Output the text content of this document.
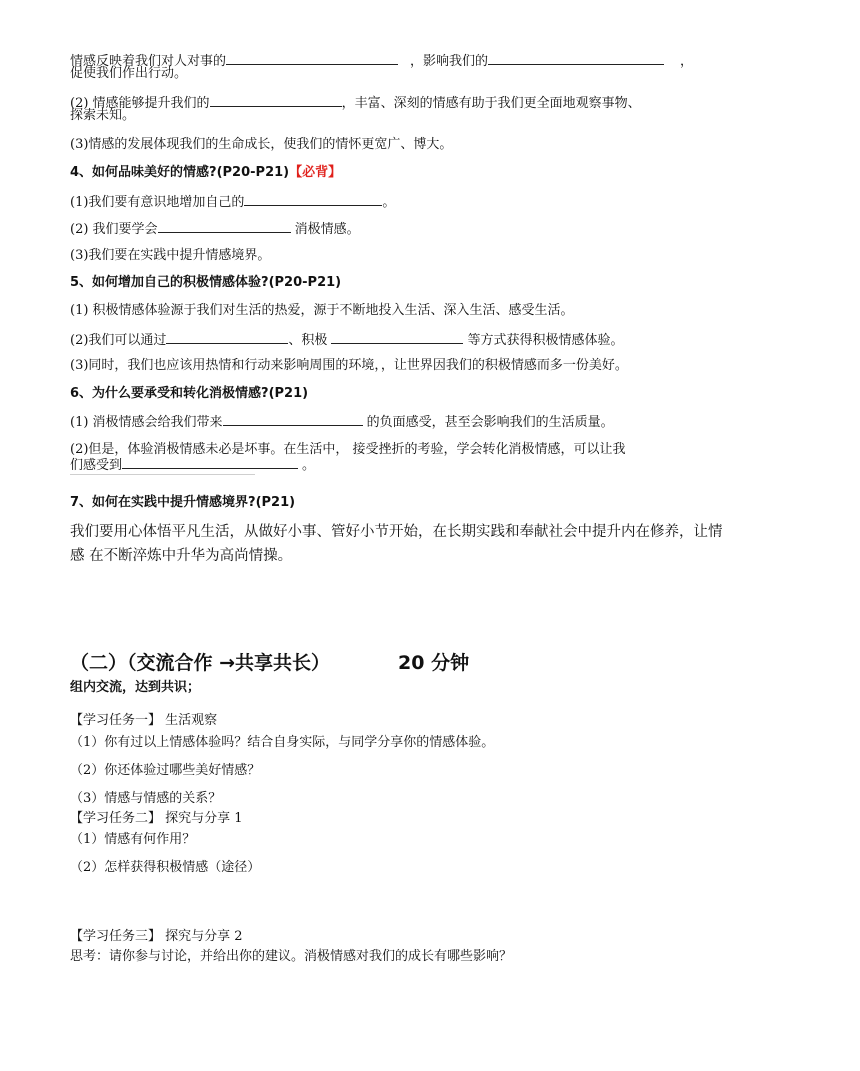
情感反映着我们对人对事的	，影响我们的	，
促使我们作出行动。
(2) 情感能够提升我们的	，丰富、深刻的情感有助于我们更全面地观察事物、
探索未知。
(3)情感的发展体现我们的生命成长，使我们的情怀更宽广、博大。
4、如何品味美好的情感?(P20-P21)【必背】
(1)我们要有意识地增加自己的	。
(2) 我们要学会	消极情感。
(3)我们要在实践中提升情感境界。
5、如何增加自己的积极情感体验?(P20-P21)
(1) 积极情感体验源于我们对生活的热爱，源于不断地投入生活、深入生活、感受生活。
(2)我们可以通过	、积极	等方式获得积极情感体验。
(3)同时，我们也应该用热情和行动来影响周围的环境，，让世界因我们的积极情感而多一份美好。
6、为什么要承受和转化消极情感?(P21)
(1) 消极情感会给我们带来	的负面感受，甚至会影响我们的生活质量。
(2)但是，体验消极情感未必是坏事。在生活中， 接受挫折的考验，学会转化消极情感，可以让我
们感受到	。
7、如何在实践中提升情感境界?(P21)
我们要用心体悟平凡生活，从做好小事、管好小节开始，在长期实践和奉献社会中提升内在修养，让情感 在不断淬炼中升华为高尚情操。
（二）（交流合作 →共享共长）	20 分钟
组内交流，达到共识；
【学习任务一】 生活观察
（1）你有过以上情感体验吗？结合自身实际，与同学分享你的情感体验。
（2）你还体验过哪些美好情感？
（3）情感与情感的关系？
【学习任务二】 探究与分享 1
（1）情感有何作用？
（2）怎样获得积极情感（途径）
【学习任务三】 探究与分享 2
思考：请你参与讨论，并给出你的建议。消极情感对我们的成长有哪些影响？
